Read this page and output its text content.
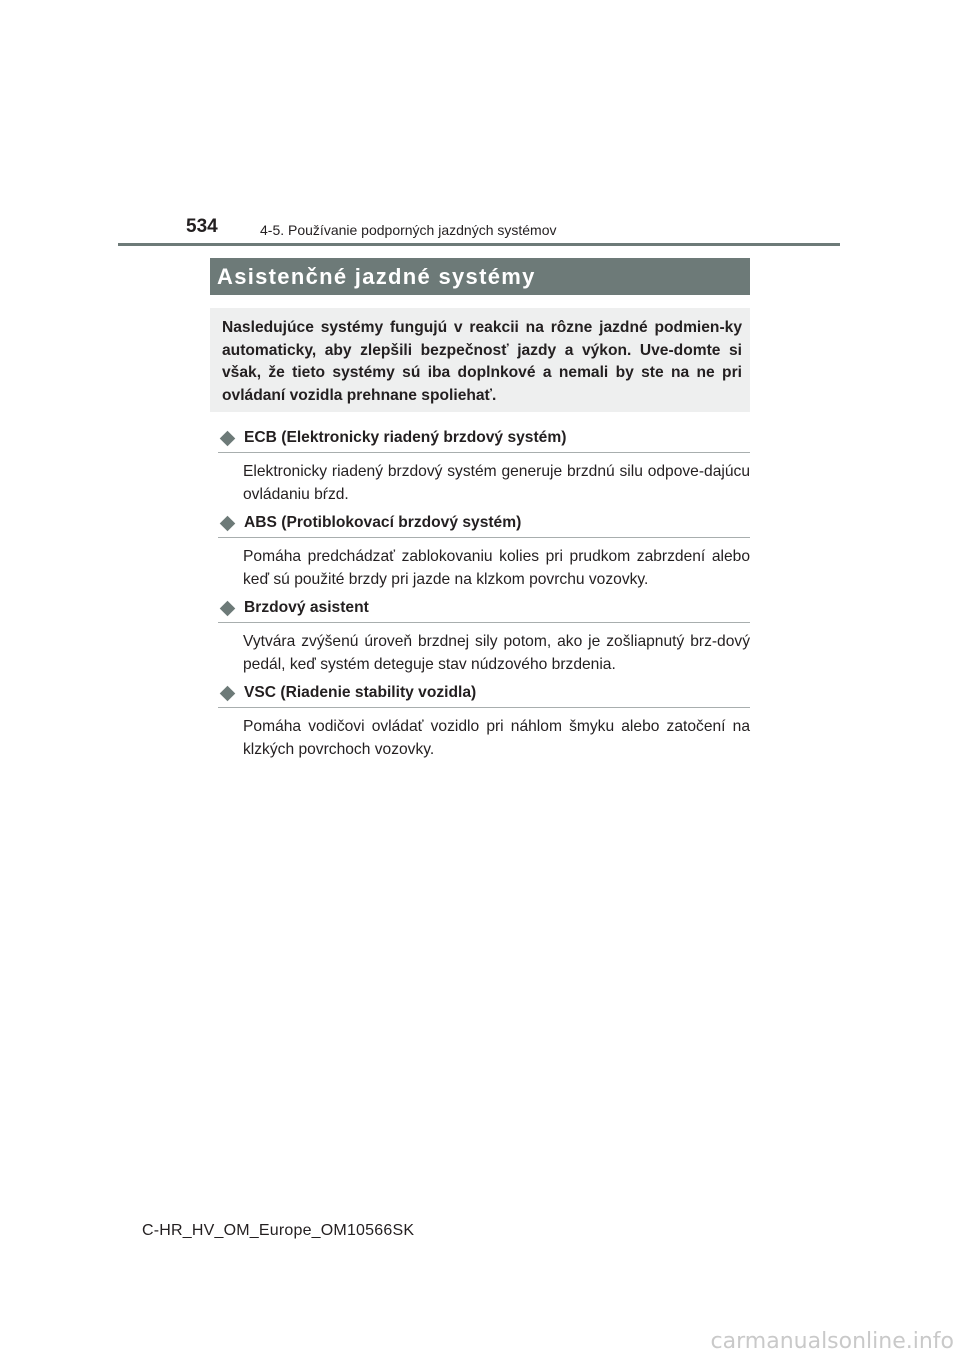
534	4-5. Používanie podporných jazdných systémov
Asistenčné jazdné systémy

Nasledujúce systémy fungujú v reakcii na rôzne jazdné podmien-ky automaticky, aby zlepšili bezpečnosť jazdy a výkon. Uve-domte si však, že tieto systémy sú iba doplnkové a nemali by ste na ne pri ovládaní vozidla prehnane spoliehať.

ECB (Elektronicky riadený brzdový systém)
Elektronicky riadený brzdový systém generuje brzdnú silu odpove-dajúcu ovládaniu bŕzd.
ABS (Protiblokovací brzdový systém)
Pomáha predchádzať zablokovaniu kolies pri prudkom zabrzdení alebo keď sú použité brzdy pri jazde na klzkom povrchu vozovky.
Brzdový asistent
Vytvára zvýšenú úroveň brzdnej sily potom, ako je zošliapnutý brz-dový pedál, keď systém deteguje stav núdzového brzdenia.
VSC (Riadenie stability vozidla)
Pomáha vodičovi ovládať vozidlo pri náhlom šmyku alebo zatočení na klzkých povrchoch vozovky.
C-HR_HV_OM_Europe_OM10566SK
carmanualsonline.info
